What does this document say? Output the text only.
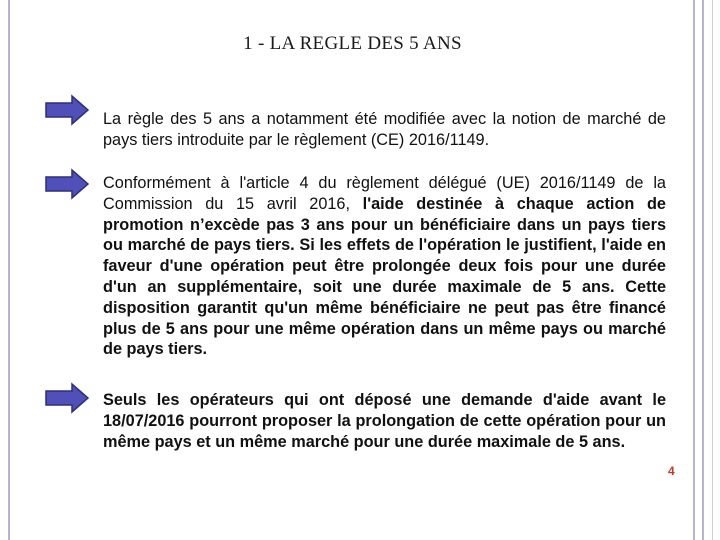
1 - LA REGLE DES 5 ANS
La règle des 5 ans a notamment été modifiée avec la notion de marché de pays tiers introduite par le règlement (CE) 2016/1149.
Conformément à l'article 4 du règlement délégué (UE) 2016/1149 de la Commission du 15 avril 2016, l'aide destinée à chaque action de promotion n’excède pas 3 ans pour un bénéficiaire dans un pays tiers ou marché de pays tiers. Si les effets de l'opération le justifient, l'aide en faveur d'une opération peut être prolongée deux fois pour une durée d'un an supplémentaire, soit une durée maximale de 5 ans. Cette disposition garantit qu'un même bénéficiaire ne peut pas être financé plus de 5 ans pour une même opération dans un même pays ou marché de pays tiers.
Seuls les opérateurs qui ont déposé une demande d'aide avant le 18/07/2016 pourront proposer la prolongation de cette opération pour un même pays et un même marché pour une durée maximale de 5 ans.
4
